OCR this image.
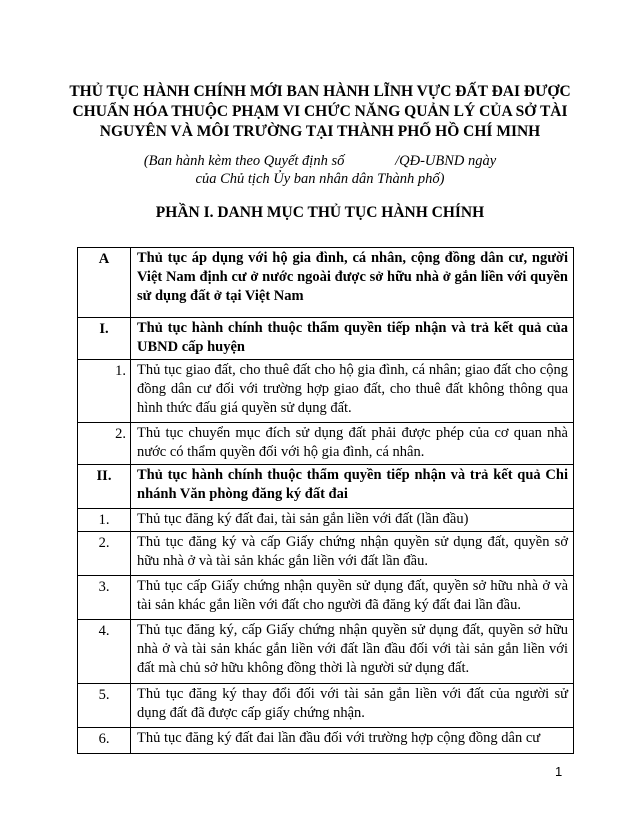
THỦ TỤC HÀNH CHÍNH MỚI BAN HÀNH LĨNH VỰC ĐẤT ĐAI ĐƯỢC
CHUẨN HÓA THUỘC PHẠM VI CHỨC NĂNG QUẢN LÝ CỦA SỞ TÀI
NGUYÊN VÀ MÔI TRƯỜNG TẠI THÀNH PHỐ HỒ CHÍ MINH
(Ban hành kèm theo Quyết định số              /QĐ-UBND ngày
của Chủ tịch Ủy ban nhân dân Thành phố)
PHẦN I. DANH MỤC THỦ TỤC HÀNH CHÍNH
A	Thủ tục áp dụng với hộ gia đình, cá nhân, cộng đồng dân cư, người Việt Nam định cư ở nước ngoài được sở hữu nhà ở gắn liền với quyền sử dụng đất ở tại Việt Nam
I.	Thủ tục hành chính thuộc thẩm quyền tiếp nhận và trả kết quả của UBND cấp huyện
1.	Thủ tục giao đất, cho thuê đất cho hộ gia đình, cá nhân; giao đất cho cộng đồng dân cư đối với trường hợp giao đất, cho thuê đất không thông qua hình thức đấu giá quyền sử dụng đất.
2.	Thủ tục chuyển mục đích sử dụng đất phải được phép của cơ quan nhà nước có thẩm quyền đối với hộ gia đình, cá nhân.
II.	Thủ tục hành chính thuộc thẩm quyền tiếp nhận và trả kết quả Chi nhánh Văn phòng đăng ký đất đai
1.	Thủ tục đăng ký đất đai, tài sản gắn liền với đất (lần đầu)
2.	Thủ tục đăng ký và cấp Giấy chứng nhận quyền sử dụng đất, quyền sở hữu nhà ở và tài sản khác gắn liền với đất lần đầu.
3.	Thủ tục cấp Giấy chứng nhận quyền sử dụng đất, quyền sở hữu nhà ở và tài sản khác gắn liền với đất cho người đã đăng ký đất đai lần đầu.
4.	Thủ tục đăng ký, cấp Giấy chứng nhận quyền sử dụng đất, quyền sở hữu nhà ở và tài sản khác gắn liền với đất lần đầu đối với tài sản gắn liền với đất mà chủ sở hữu không đồng thời là người sử dụng đất.
5.	Thủ tục đăng ký thay đổi đối với tài sản gắn liền với đất của người sử dụng đất đã được cấp giấy chứng nhận.
6.	Thủ tục đăng ký đất đai lần đầu đối với trường hợp cộng đồng dân cư
1
